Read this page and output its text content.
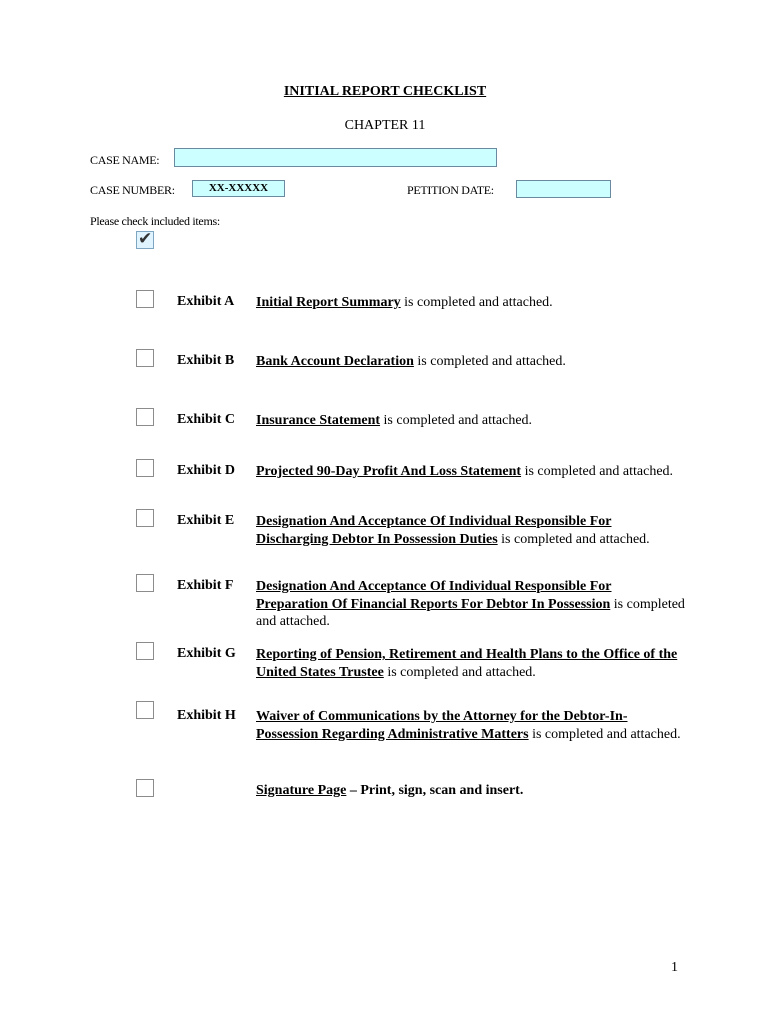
INITIAL REPORT CHECKLIST
CHAPTER 11
CASE NAME:
CASE NUMBER:	XX-XXXXX	PETITION DATE:
Please check included items:
✔
Exhibit A Initial Report Summary is completed and attached.
Exhibit B Bank Account Declaration is completed and attached.
Exhibit C Insurance Statement is completed and attached.
Exhibit D Projected 90-Day Profit And Loss Statement is completed and attached.
Exhibit E Designation And Acceptance Of Individual Responsible For Discharging Debtor In Possession Duties is completed and attached.
Exhibit F Designation And Acceptance Of Individual Responsible For Preparation Of Financial Reports For Debtor In Possession is completed and attached.
Exhibit G Reporting of Pension, Retirement and Health Plans to the Office of the United States Trustee is completed and attached.
Exhibit H Waiver of Communications by the Attorney for the Debtor-In-Possession Regarding Administrative Matters is completed and attached.
Signature Page – Print, sign, scan and insert.
1
